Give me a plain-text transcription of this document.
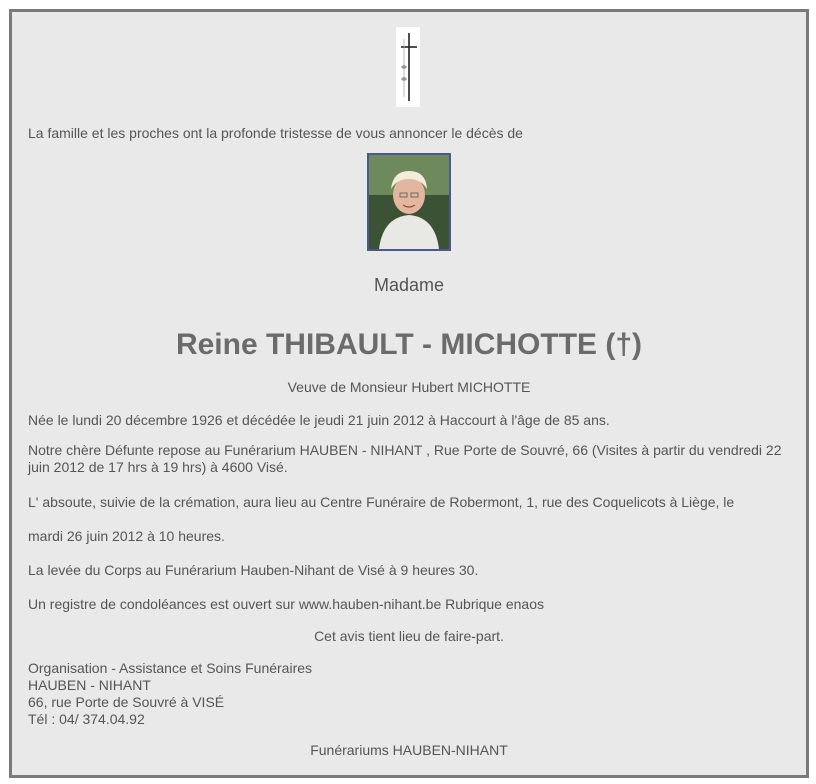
La famille et les proches ont la profonde tristesse de vous annoncer le décès de
Madame
Reine THIBAULT - MICHOTTE (†)
Veuve de Monsieur Hubert MICHOTTE
Née le lundi 20 décembre 1926 et décédée le jeudi 21 juin 2012 à Haccourt à l'âge de 85 ans.
Notre chère Défunte repose au Funérarium HAUBEN - NIHANT , Rue Porte de Souvré, 66 (Visites à partir du vendredi 22 juin 2012 de 17 hrs à 19 hrs) à 4600 Visé.
L' absoute, suivie de la crémation, aura lieu au Centre Funéraire de Robermont, 1, rue des Coquelicots à Liège, le
mardi 26 juin 2012 à 10 heures.
La levée du Corps au Funérarium Hauben-Nihant de Visé à 9 heures 30.
Un registre de condoléances est ouvert sur www.hauben-nihant.be Rubrique enaos
Cet avis tient lieu de faire-part.
Organisation - Assistance et Soins Funéraires
HAUBEN - NIHANT
66, rue Porte de Souvré à VISÉ
Tél : 04/ 374.04.92
Funérariums HAUBEN-NIHANT
